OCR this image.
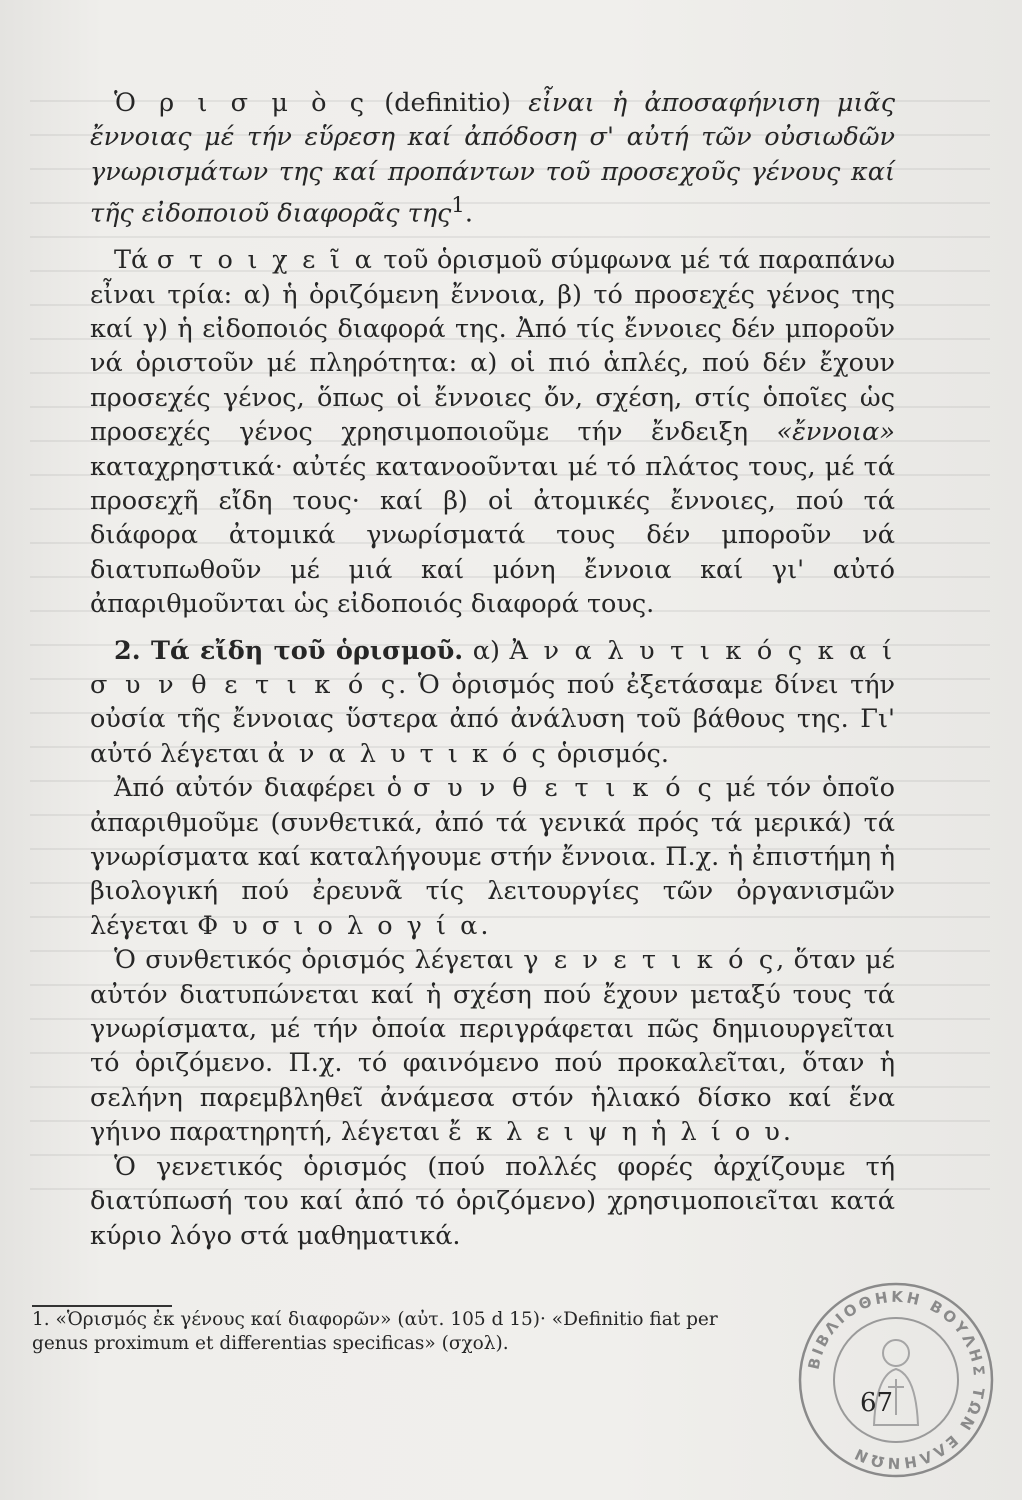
Ὁ ρ ι σ μ ὸ ς (definitio) εἶναι ἡ ἀποσαφήνιση μιᾶς ἔννοιας μέ τήν εὕρεση καί ἀπόδοση σ' αὐτή τῶν οὐσιωδῶν γνωρισμάτων της καί προπάντων τοῦ προσεχοῦς γένους καί τῆς εἰδοποιοῦ διαφορᾶς της$^1$.

Τά σ τ ο ι χ ε ῖ α τοῦ ὁρισμοῦ σύμφωνα μέ τά παραπάνω εἶναι τρία: α) ἡ ὁριζόμενη ἔννοια, β) τό προσεχές γένος της καί γ) ἡ εἰδοποιός διαφορά της. Ἀπό τίς ἔννοιες δέν μποροῦν νά ὁριστοῦν μέ πληρότητα: α) οἱ πιό ἁπλές, πού δέν ἔχουν προσεχές γένος, ὅπως οἱ ἔννοιες ὄν, σχέση, στίς ὁποῖες ὡς προσεχές γένος χρησιμοποιοῦμε τήν ἔνδειξη «ἔννοια» καταχρηστικά· αὐτές κατανοοῦνται μέ τό πλάτος τους, μέ τά προσεχῆ εἴδη τους· καί β) οἱ ἀτομικές ἔννοιες, πού τά διάφορα ἀτομικά γνωρίσματά τους δέν μποροῦν νά διατυπωθοῦν μέ μιά καί μόνη ἔννοια καί γι' αὐτό ἀπαριθμοῦνται ὡς εἰδοποιός διαφορά τους.

2. Τά εἴδη τοῦ ὁρισμοῦ. α) Ἀ ν α λ υ τ ι κ ό ς κ α ί σ υ ν θ ε τ ι κ ό ς. Ὁ ὁρισμός πού ἐξετάσαμε δίνει τήν οὐσία τῆς ἔννοιας ὕστερα ἀπό ἀνάλυση τοῦ βάθους της. Γι' αὐτό λέγεται ἀ ν α λ υ τ ι κ ό ς ὁρισμός.

Ἀπό αὐτόν διαφέρει ὁ σ υ ν θ ε τ ι κ ό ς μέ τόν ὁποῖο ἀπαριθμοῦμε (συνθετικά, ἀπό τά γενικά πρός τά μερικά) τά γνωρίσματα καί καταλήγουμε στήν ἔννοια. Π.χ. ἡ ἐπιστήμη ἡ βιολογική πού ἐρευνᾶ τίς λειτουργίες τῶν ὀργανισμῶν λέγεται Φ υ σ ι ο λ ο γ ί α.

Ὁ συνθετικός ὁρισμός λέγεται γ ε ν ε τ ι κ ό ς, ὅταν μέ αὐτόν διατυπώνεται καί ἡ σχέση πού ἔχουν μεταξύ τους τά γνωρίσματα, μέ τήν ὁποία περιγράφεται πῶς δημιουργεῖται τό ὁριζόμενο. Π.χ. τό φαινόμενο πού προκαλεῖται, ὅταν ἡ σελήνη παρεμβληθεῖ ἀνάμεσα στόν ἡλιακό δίσκο καί ἕνα γήινο παρατηρητή, λέγεται ἔ κ λ ε ι ψ η ἡ λ ί ο υ.

Ὁ γενετικός ὁρισμός (πού πολλές φορές ἀρχίζουμε τή διατύπωσή του καί ἀπό τό ὁριζόμενο) χρησιμοποιεῖται κατά κύριο λόγο στά μαθηματικά.

1. «Ὁρισμός ἐκ γένους καί διαφορῶν» (αὐτ. 105 d 15)· «Definitio fiat per
genus proximum et differentias specificas» (σχολ).
ΒΙΒΛΙΟΘΗΚΗ ΒΟΥΛΗΣ ΤΩΝ ΕΛΛΗΝΩΝ
67
